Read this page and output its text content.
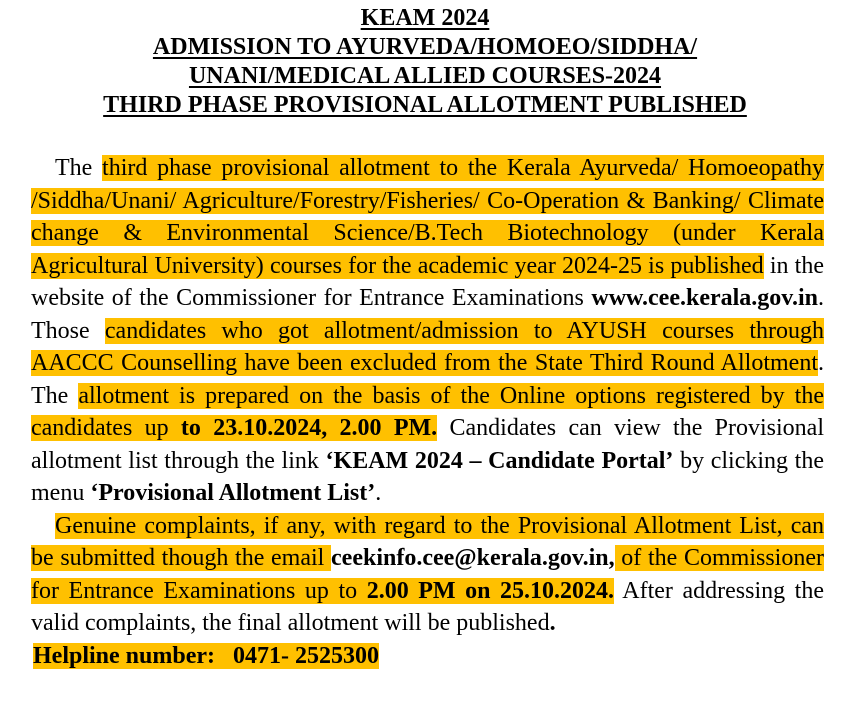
KEAM 2024
ADMISSION TO AYURVEDA/HOMOEO/SIDDHA/
UNANI/MEDICAL ALLIED COURSES-2024
THIRD PHASE PROVISIONAL ALLOTMENT PUBLISHED

The third phase provisional allotment to the Kerala Ayurveda/ Homoeopathy /Siddha/Unani/ Agriculture/Forestry/Fisheries/ Co-Operation & Banking/ Climate change & Environmental Science/B.Tech Biotechnology (under Kerala Agricultural University) courses for the academic year 2024-25 is published in the website of the Commissioner for Entrance Examinations www.cee.kerala.gov.in. Those candidates who got allotment/admission to AYUSH courses through AACCC Counselling have been excluded from the State Third Round Allotment. The allotment is prepared on the basis of the Online options registered by the candidates up to 23.10.2024, 2.00 PM. Candidates can view the Provisional allotment list through the link ‘KEAM 2024 – Candidate Portal’ by clicking the menu ‘Provisional Allotment List’.

Genuine complaints, if any, with regard to the Provisional Allotment List, can be submitted though the email ceekinfo.cee@kerala.gov.in, of the Commissioner for Entrance Examinations up to 2.00 PM on 25.10.2024. After addressing the valid complaints, the final allotment will be published.

Helpline number:   0471- 2525300
